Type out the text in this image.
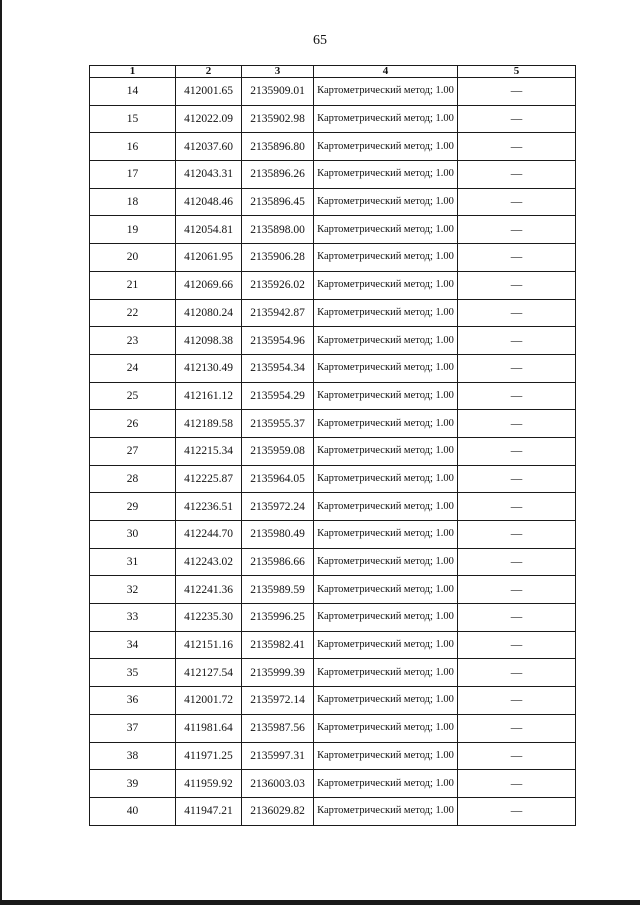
65
1	2	3	4	5
14	412001.65	2135909.01	Картометрический метод; 1.00	—
15	412022.09	2135902.98	Картометрический метод; 1.00	—
16	412037.60	2135896.80	Картометрический метод; 1.00	—
17	412043.31	2135896.26	Картометрический метод; 1.00	—
18	412048.46	2135896.45	Картометрический метод; 1.00	—
19	412054.81	2135898.00	Картометрический метод; 1.00	—
20	412061.95	2135906.28	Картометрический метод; 1.00	—
21	412069.66	2135926.02	Картометрический метод; 1.00	—
22	412080.24	2135942.87	Картометрический метод; 1.00	—
23	412098.38	2135954.96	Картометрический метод; 1.00	—
24	412130.49	2135954.34	Картометрический метод; 1.00	—
25	412161.12	2135954.29	Картометрический метод; 1.00	—
26	412189.58	2135955.37	Картометрический метод; 1.00	—
27	412215.34	2135959.08	Картометрический метод; 1.00	—
28	412225.87	2135964.05	Картометрический метод; 1.00	—
29	412236.51	2135972.24	Картометрический метод; 1.00	—
30	412244.70	2135980.49	Картометрический метод; 1.00	—
31	412243.02	2135986.66	Картометрический метод; 1.00	—
32	412241.36	2135989.59	Картометрический метод; 1.00	—
33	412235.30	2135996.25	Картометрический метод; 1.00	—
34	412151.16	2135982.41	Картометрический метод; 1.00	—
35	412127.54	2135999.39	Картометрический метод; 1.00	—
36	412001.72	2135972.14	Картометрический метод; 1.00	—
37	411981.64	2135987.56	Картометрический метод; 1.00	—
38	411971.25	2135997.31	Картометрический метод; 1.00	—
39	411959.92	2136003.03	Картометрический метод; 1.00	—
40	411947.21	2136029.82	Картометрический метод; 1.00	—
